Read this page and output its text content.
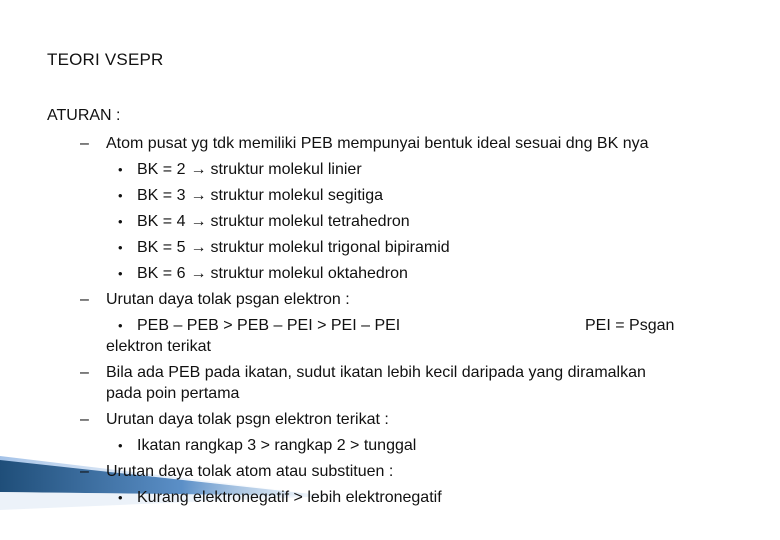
TEORI VSEPR
ATURAN :
– Atom pusat yg tdk memiliki PEB mempunyai bentuk ideal sesuai dng BK nya
• BK = 2 → struktur molekul linier
• BK = 3 → struktur molekul segitiga
• BK = 4 → struktur molekul tetrahedron
• BK = 5 → struktur molekul trigonal bipiramid
• BK = 6 → struktur molekul oktahedron
– Urutan daya tolak psgan elektron :
• PEB – PEB > PEB – PEI > PEI – PEI	PEI = Psgan
elektron terikat
– Bila ada PEB pada ikatan, sudut ikatan lebih kecil daripada yang diramalkan
pada poin pertama
– Urutan daya tolak psgn elektron terikat :
• Ikatan rangkap 3 > rangkap 2 > tunggal
– Urutan daya tolak atom atau substituen :
• Kurang elektronegatif > lebih elektronegatif
